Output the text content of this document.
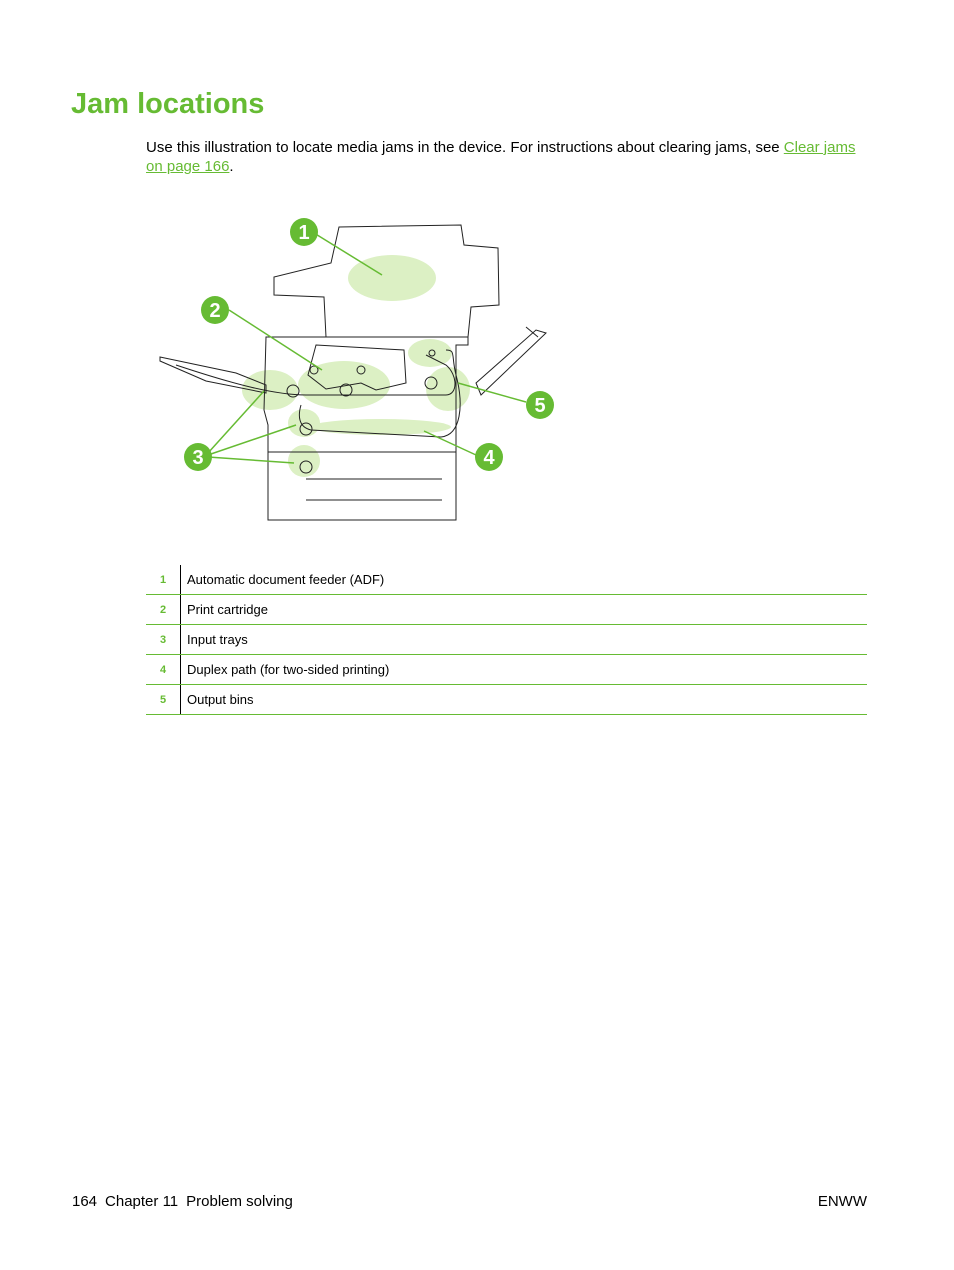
Jam locations

Use this illustration to locate media jams in the device. For instructions about clearing jams, see Clear jams on page 166.

1
2
3	4
5
1	Automatic document feeder (ADF)
2	Print cartridge
3	Input trays
4	Duplex path (for two-sided printing)
5	Output bins
164 Chapter 11 Problem solving	ENWW
